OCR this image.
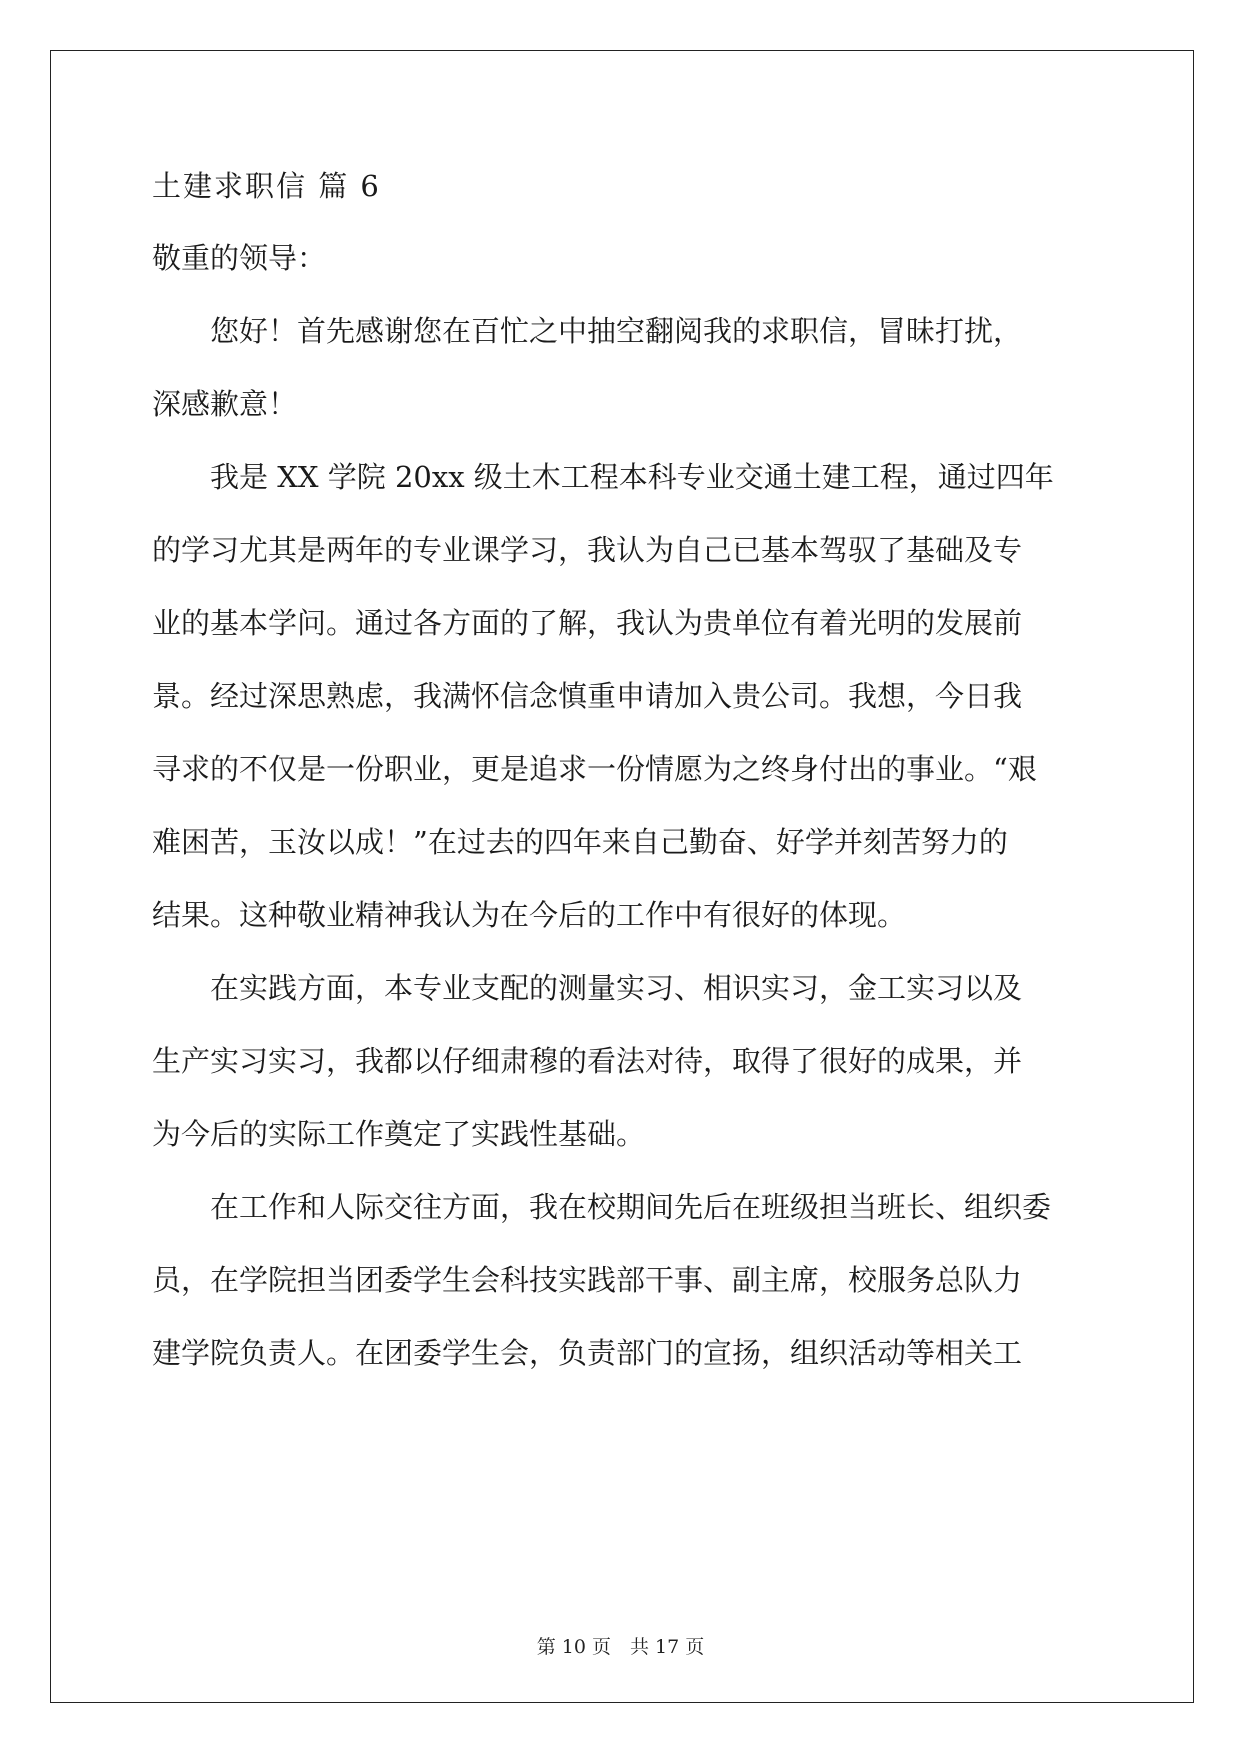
土建求职信 篇 6

敬重的领导：

　　您好！首先感谢您在百忙之中抽空翻阅我的求职信，冒昧打扰，

深感歉意！

　　我是 XX 学院 20xx 级土木工程本科专业交通土建工程，通过四年

的学习尤其是两年的专业课学习，我认为自己已基本驾驭了基础及专

业的基本学问。通过各方面的了解，我认为贵单位有着光明的发展前

景。经过深思熟虑，我满怀信念慎重申请加入贵公司。我想，今日我

寻求的不仅是一份职业，更是追求一份情愿为之终身付出的事业。“艰

难困苦，玉汝以成！”在过去的四年来自己勤奋、好学并刻苦努力的

结果。这种敬业精神我认为在今后的工作中有很好的体现。

　　在实践方面，本专业支配的测量实习、相识实习，金工实习以及

生产实习实习，我都以仔细肃穆的看法对待，取得了很好的成果，并

为今后的实际工作奠定了实践性基础。

　　在工作和人际交往方面，我在校期间先后在班级担当班长、组织委

员，在学院担当团委学生会科技实践部干事、副主席，校服务总队力

建学院负责人。在团委学生会，负责部门的宣扬，组织活动等相关工

第 10 页　共 17 页
